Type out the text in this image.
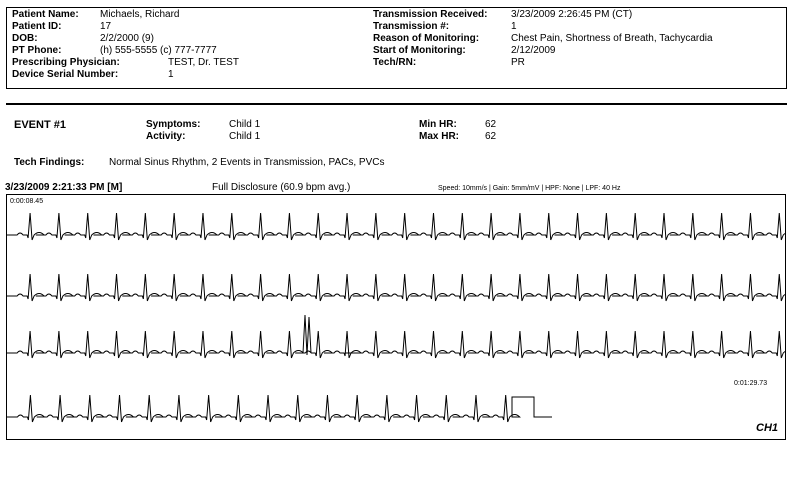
Patient Name: Michaels, Richard
Patient ID:	17
DOB:	2/2/2000 (9)
PT Phone:	(h) 555-5555 (c) 777-7777
Prescribing Physician:	TEST, Dr. TEST
Device Serial Number:	1
Transmission Received: 3/23/2009 2:26:45 PM (CT)
Transmission #:	1
Reason of Monitoring:	Chest Pain, Shortness of Breath, Tachycardia
Start of Monitoring:	2/12/2009
Tech/RN:	PR
EVENT #1	Symptoms:	Child 1
Activity:	Child 1
Min HR:	62
Max HR:	62
Tech Findings: Normal Sinus Rhythm, 2 Events in Transmission, PACs, PVCs
3/23/2009 2:21:33 PM [M]	Full Disclosure (60.9 bpm avg.)	Speed: 10mm/s | Gain: 5mm/mV | HPF: None | LPF: 40 Hz
0:00:08.45
0:01:29.73
CH1
